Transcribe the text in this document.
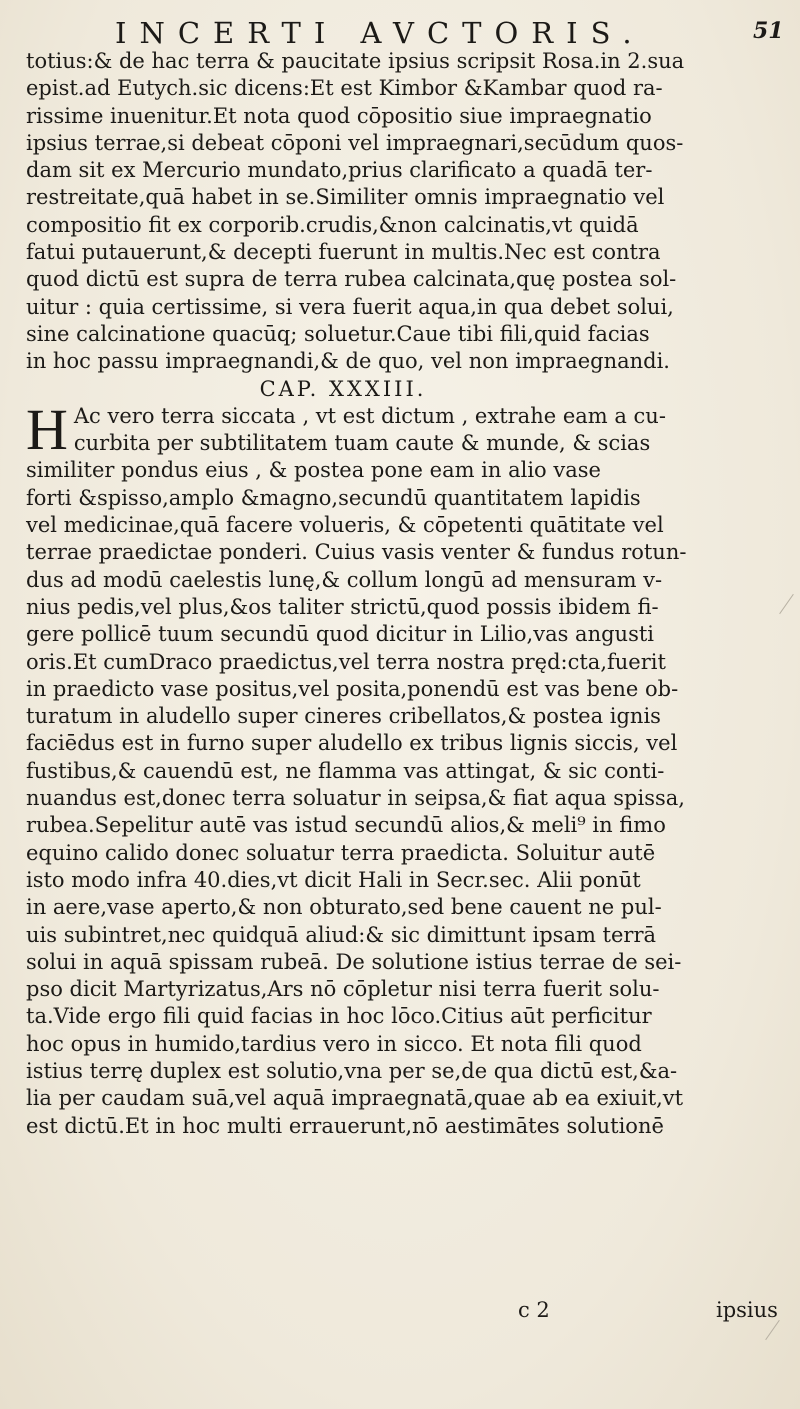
INCERTI AVCTORIS.	51
totius:& de hac terra & paucitate ipsius scripsit Rosa.in 2.sua
epist.ad Eutych.sic dicens:Et est Kimbor &Kambar quod ra-
rissime inuenitur.Et nota quod cōpositio siue impraegnatio
ipsius terrae,si debeat cōponi vel impraegnari,secūdum quos-
dam sit ex Mercurio mundato,prius clarificato a quadā ter-
restreitate,quā habet in se.Similiter omnis impraegnatio vel
compositio fit ex corporib.crudis,&non calcinatis,vt quidā
fatui putauerunt,& decepti fuerunt in multis.Nec est contra
quod dictū est supra de terra rubea calcinata,quę postea sol-
uitur : quia certissime, si vera fuerit aqua,in qua debet solui,
sine calcinatione quacūq; soluetur.Caue tibi fili,quid facias
in hoc passu impraegnandi,& de quo, vel non impraegnandi.
CAP. XXXIII.
H Ac vero terra siccata , vt est dictum , extrahe eam a cu-
curbita per subtilitatem tuam caute & munde, & scias
similiter pondus eius , & postea pone eam in alio vase
forti &spisso,amplo &magno,secundū quantitatem lapidis
vel medicinae,quā facere volueris, & cōpetenti quātitate vel
terrae praedictae ponderi. Cuius vasis venter & fundus rotun-
dus ad modū caelestis lunę,& collum longū ad mensuram v-
nius pedis,vel plus,&os taliter strictū,quod possis ibidem fi-
gere pollicē tuum secundū quod dicitur in Lilio,vas angusti
oris.Et cumDraco praedictus,vel terra nostra pręd:cta,fuerit
in praedicto vase positus,vel posita,ponendū est vas bene ob-
turatum in aludello super cineres cribellatos,& postea ignis
faciēdus est in furno super aludello ex tribus lignis siccis, vel
fustibus,& cauendū est, ne flamma vas attingat, & sic conti-
nuandus est,donec terra soluatur in seipsa,& fiat aqua spissa,
rubea.Sepelitur autē vas istud secundū alios,& meli⁹ in fimo
equino calido donec soluatur terra praedicta. Soluitur autē
isto modo infra 40.dies,vt dicit Hali in Secr.sec. Alii ponūt
in aere,vase aperto,& non obturato,sed bene cauent ne pul-
uis subintret,nec quidquā aliud:& sic dimittunt ipsam terrā
solui in aquā spissam rubeā. De solutione istius terrae de sei-
pso dicit Martyrizatus,Ars nō cōpletur nisi terra fuerit solu-
ta.Vide ergo fili quid facias in hoc lōco.Citius aūt perficitur
hoc opus in humido,tardius vero in sicco. Et nota fili quod
istius terrę duplex est solutio,vna per se,de qua dictū est,&a-
lia per caudam suā,vel aquā impraegnatā,quae ab ea exiuit,vt
est dictū.Et in hoc multi errauerunt,nō aestimātes solutionē
c 2	ipsius
